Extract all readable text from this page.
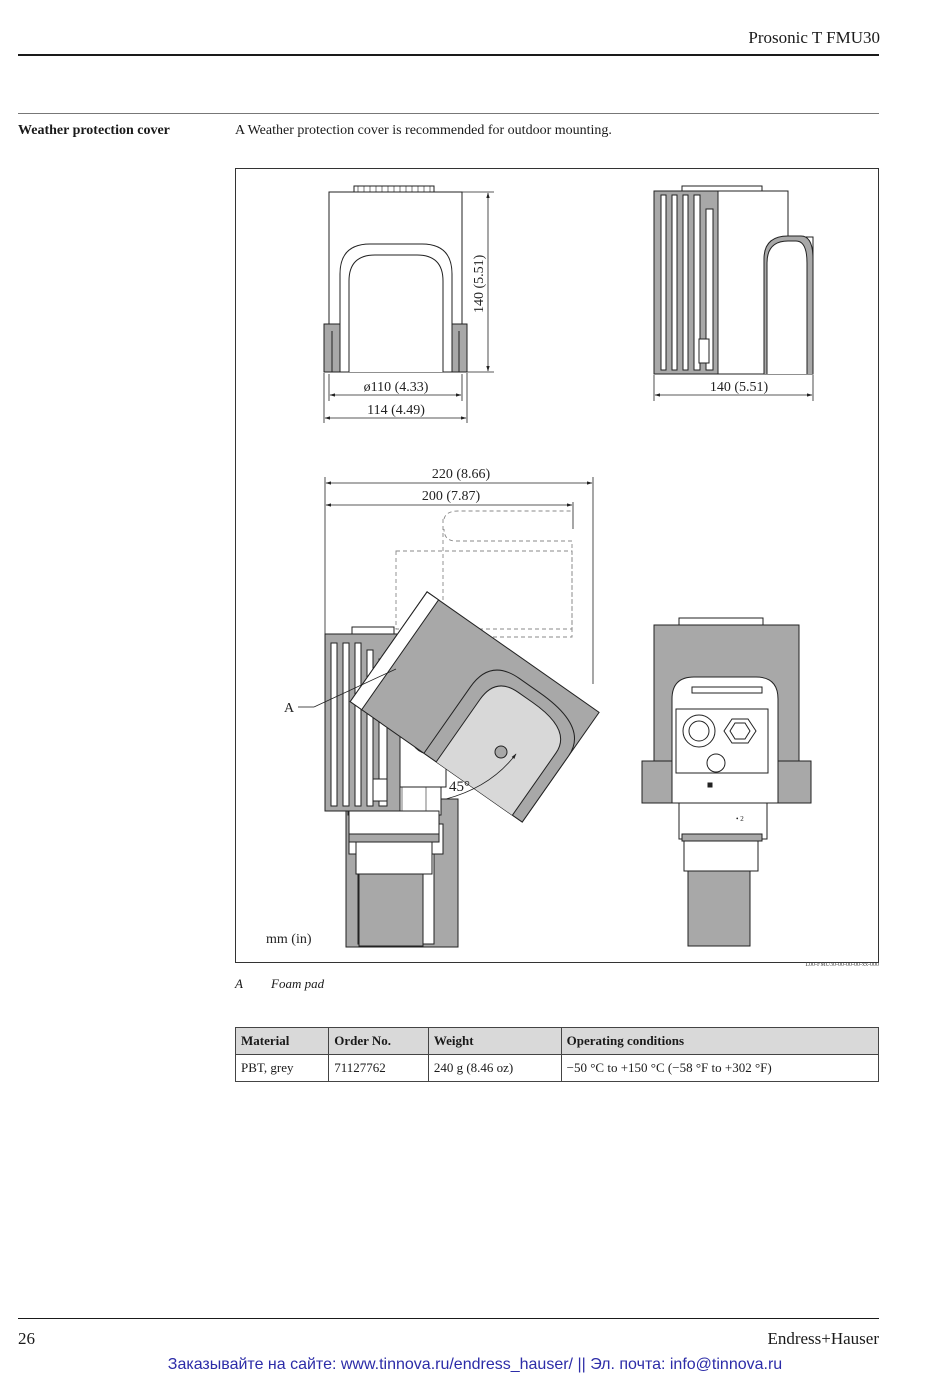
Prosonic T FMU30
Weather protection cover	A Weather protection cover is recommended for outdoor mounting.
140 (5.51)
ø110 (4.33)
114 (4.49)
140 (5.51)
220 (8.66)
200 (7.87)
45°
A
• 2
mm (in)
L00-FMU30-00-00-00-xx-000
A Foam pad
Material	Order No.	Weight	Operating conditions
PBT, grey	71127762	240 g (8.46 oz)	−50 °C to +150 °C (−58 °F to +302 °F)
26	Endress+Hauser
Заказывайте на сайте: www.tinnova.ru/endress_hauser/ || Эл. почта: info@tinnova.ru
